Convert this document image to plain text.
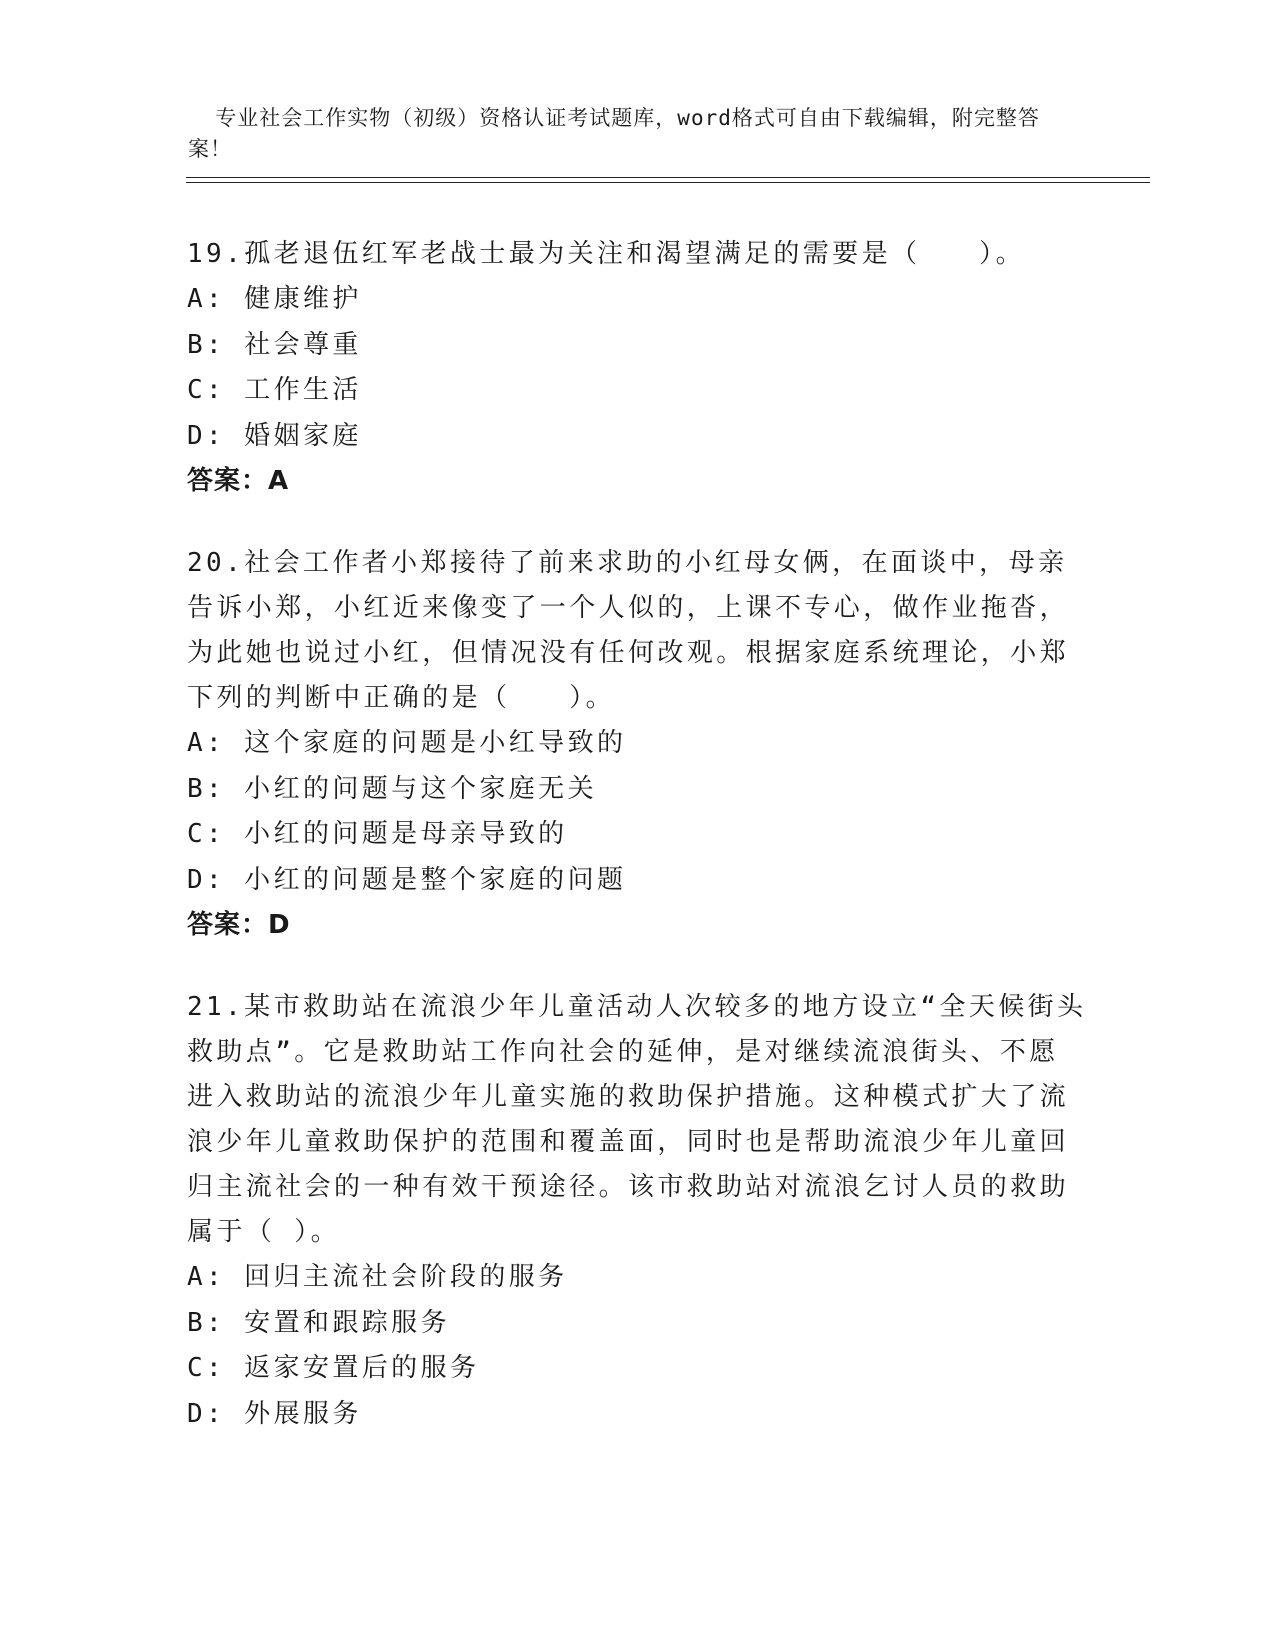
专业社会工作实物（初级）资格认证考试题库，word格式可自由下载编辑，附完整答案！

19.孤老退伍红军老战士最为关注和渴望满足的需要是（　　）。

A: 健康维护
B: 社会尊重
C: 工作生活
D: 婚姻家庭
答案：A

20.社会工作者小郑接待了前来求助的小红母女俩，在面谈中，母亲告诉小郑，小红近来像变了一个人似的，上课不专心，做作业拖沓，为此她也说过小红，但情况没有任何改观。根据家庭系统理论，小郑下列的判断中正确的是（　　）。

A: 这个家庭的问题是小红导致的
B: 小红的问题与这个家庭无关
C: 小红的问题是母亲导致的
D: 小红的问题是整个家庭的问题
答案：D

21.某市救助站在流浪少年儿童活动人次较多的地方设立“全天候街头救助点”。它是救助站工作向社会的延伸，是对继续流浪街头、不愿进入救助站的流浪少年儿童实施的救助保护措施。这种模式扩大了流浪少年儿童救助保护的范围和覆盖面，同时也是帮助流浪少年儿童回归主流社会的一种有效干预途径。该市救助站对流浪乞讨人员的救助属于（ ）。

A: 回归主流社会阶段的服务
B: 安置和跟踪服务
C: 返家安置后的服务
D: 外展服务
